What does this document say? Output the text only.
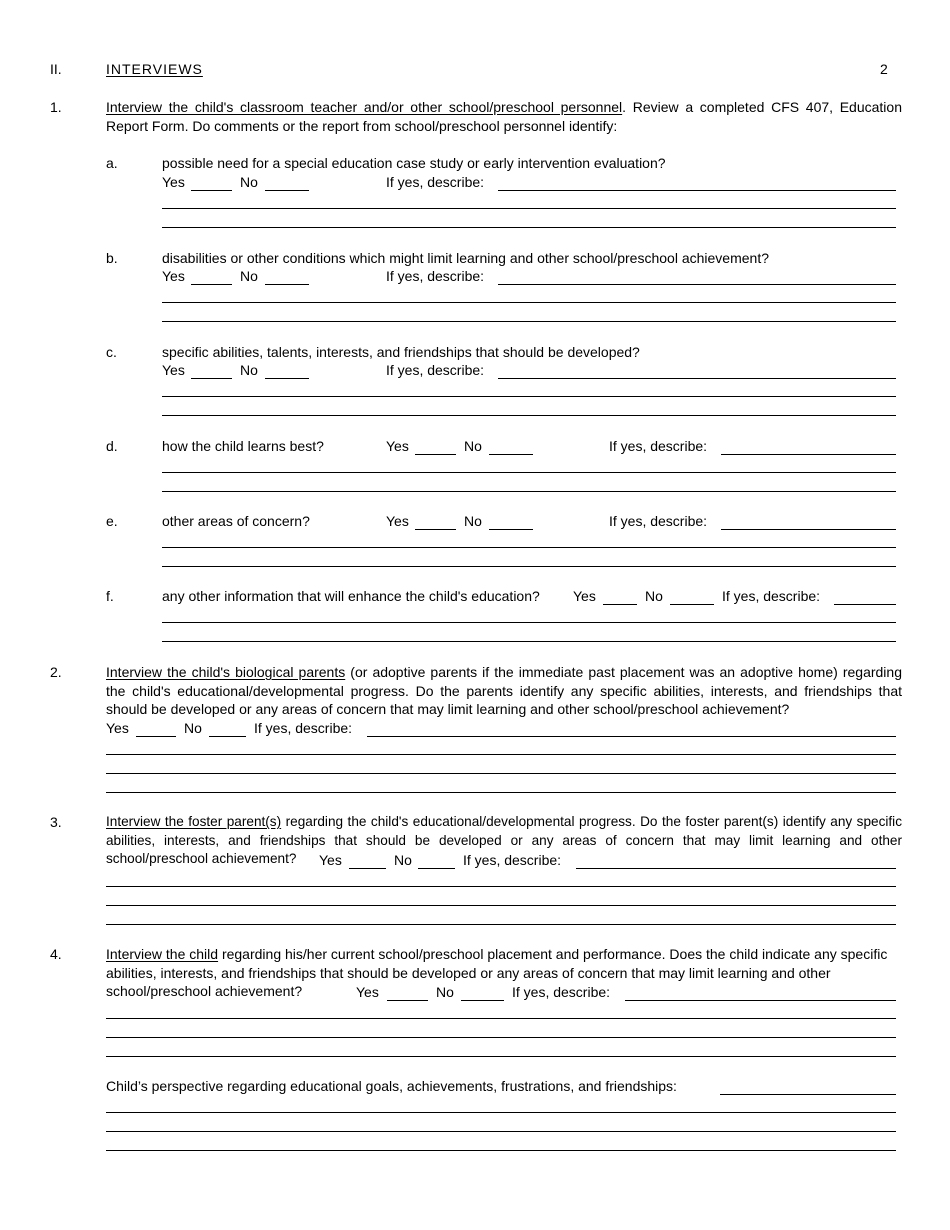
II.	INTERVIEWS	2
1.	Interview the child's classroom teacher and/or other school/preschool personnel. Review a completed CFS 407, Education Report Form. Do comments or the report from school/preschool personnel identify:
a.	possible need for a special education case study or early intervention evaluation?
Yes	No	If yes, describe:
b.	disabilities or other conditions which might limit learning and other school/preschool achievement?
Yes	No	If yes, describe:
c.	specific abilities, talents, interests, and friendships that should be developed?
Yes	No	If yes, describe:
d.	how the child learns best?	Yes	No	If yes, describe:
e.	other areas of concern?	Yes	No	If yes, describe:
f.	any other information that will enhance the child's education? Yes	No	If yes, describe:
2.	Interview the child's biological parents (or adoptive parents if the immediate past placement was an adoptive home) regarding the child's educational/developmental progress. Do the parents identify any specific abilities, interests, and friendships that should be developed or any areas of concern that may limit learning and other school/preschool achievement?
Yes	No	If yes, describe:
3.	Interview the foster parent(s) regarding the child's educational/developmental progress. Do the foster parent(s) identify any specific abilities, interests, and friendships that should be developed or any areas of concern that may limit learning and other school/preschool achievement?	Yes	No	If yes, describe:
4.	Interview the child regarding his/her current school/preschool placement and performance. Does the child indicate any specific abilities, interests, and friendships that should be developed or any areas of concern that may limit learning and other school/preschool achievement?	Yes	No	If yes, describe:
Child’s perspective regarding educational goals, achievements, frustrations, and friendships:
